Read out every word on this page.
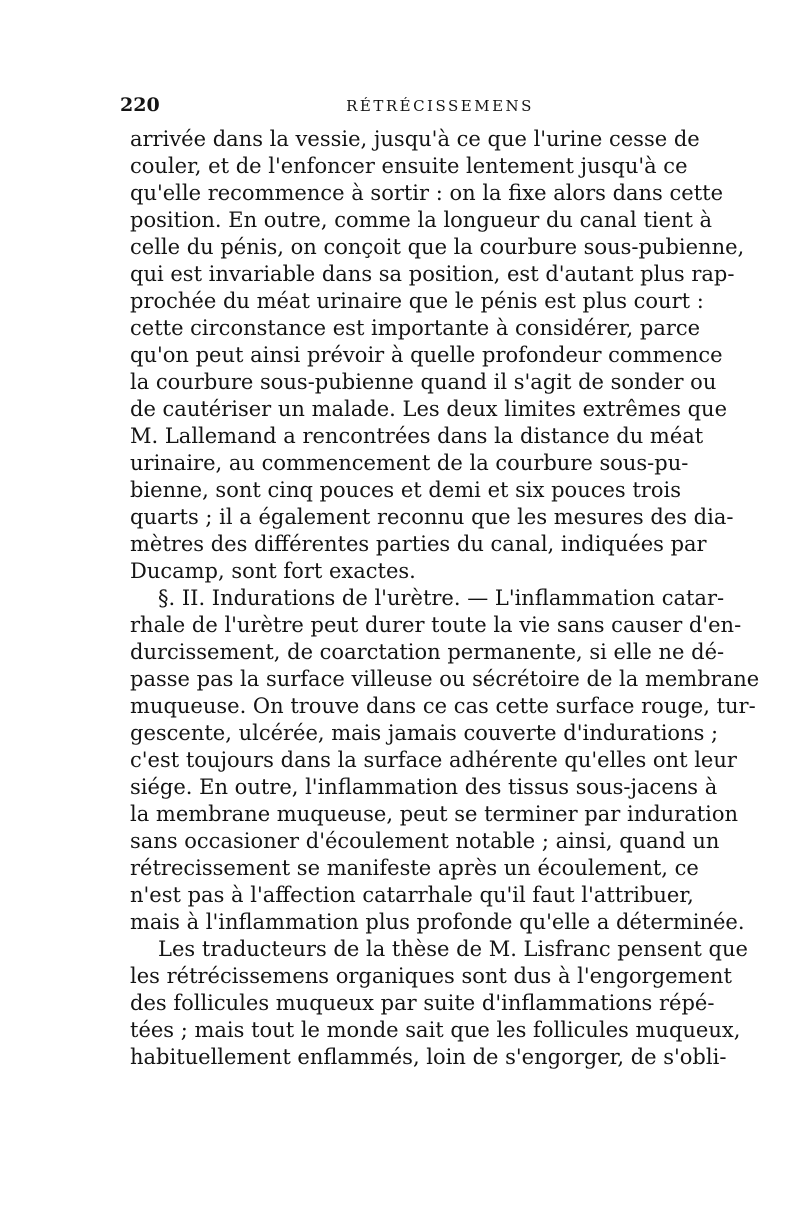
220	RÉTRÉCISSEMENS
arrivée dans la vessie, jusqu'à ce que l'urine cesse de
couler, et de l'enfoncer ensuite lentement jusqu'à ce
qu'elle recommence à sortir : on la fixe alors dans cette
position. En outre, comme la longueur du canal tient à
celle du pénis, on conçoit que la courbure sous-pubienne,
qui est invariable dans sa position, est d'autant plus rap-
prochée du méat urinaire que le pénis est plus court :
cette circonstance est importante à considérer, parce
qu'on peut ainsi prévoir à quelle profondeur commence
la courbure sous-pubienne quand il s'agit de sonder ou
de cautériser un malade. Les deux limites extrêmes que
M. Lallemand a rencontrées dans la distance du méat
urinaire, au commencement de la courbure sous-pu-
bienne, sont cinq pouces et demi et six pouces trois
quarts ; il a également reconnu que les mesures des dia-
mètres des différentes parties du canal, indiquées par
Ducamp, sont fort exactes.
§. II. Indurations de l'urètre. — L'inflammation catar-
rhale de l'urètre peut durer toute la vie sans causer d'en-
durcissement, de coarctation permanente, si elle ne dé-
passe pas la surface villeuse ou sécrétoire de la membrane
muqueuse. On trouve dans ce cas cette surface rouge, tur-
gescente, ulcérée, mais jamais couverte d'indurations ;
c'est toujours dans la surface adhérente qu'elles ont leur
siége. En outre, l'inflammation des tissus sous-jacens à
la membrane muqueuse, peut se terminer par induration
sans occasioner d'écoulement notable ; ainsi, quand un
rétrecissement se manifeste après un écoulement, ce
n'est pas à l'affection catarrhale qu'il faut l'attribuer,
mais à l'inflammation plus profonde qu'elle a déterminée.
Les traducteurs de la thèse de M. Lisfranc pensent que
les rétrécissemens organiques sont dus à l'engorgement
des follicules muqueux par suite d'inflammations répé-
tées ; mais tout le monde sait que les follicules muqueux,
habituellement enflammés, loin de s'engorger, de s'obli-
